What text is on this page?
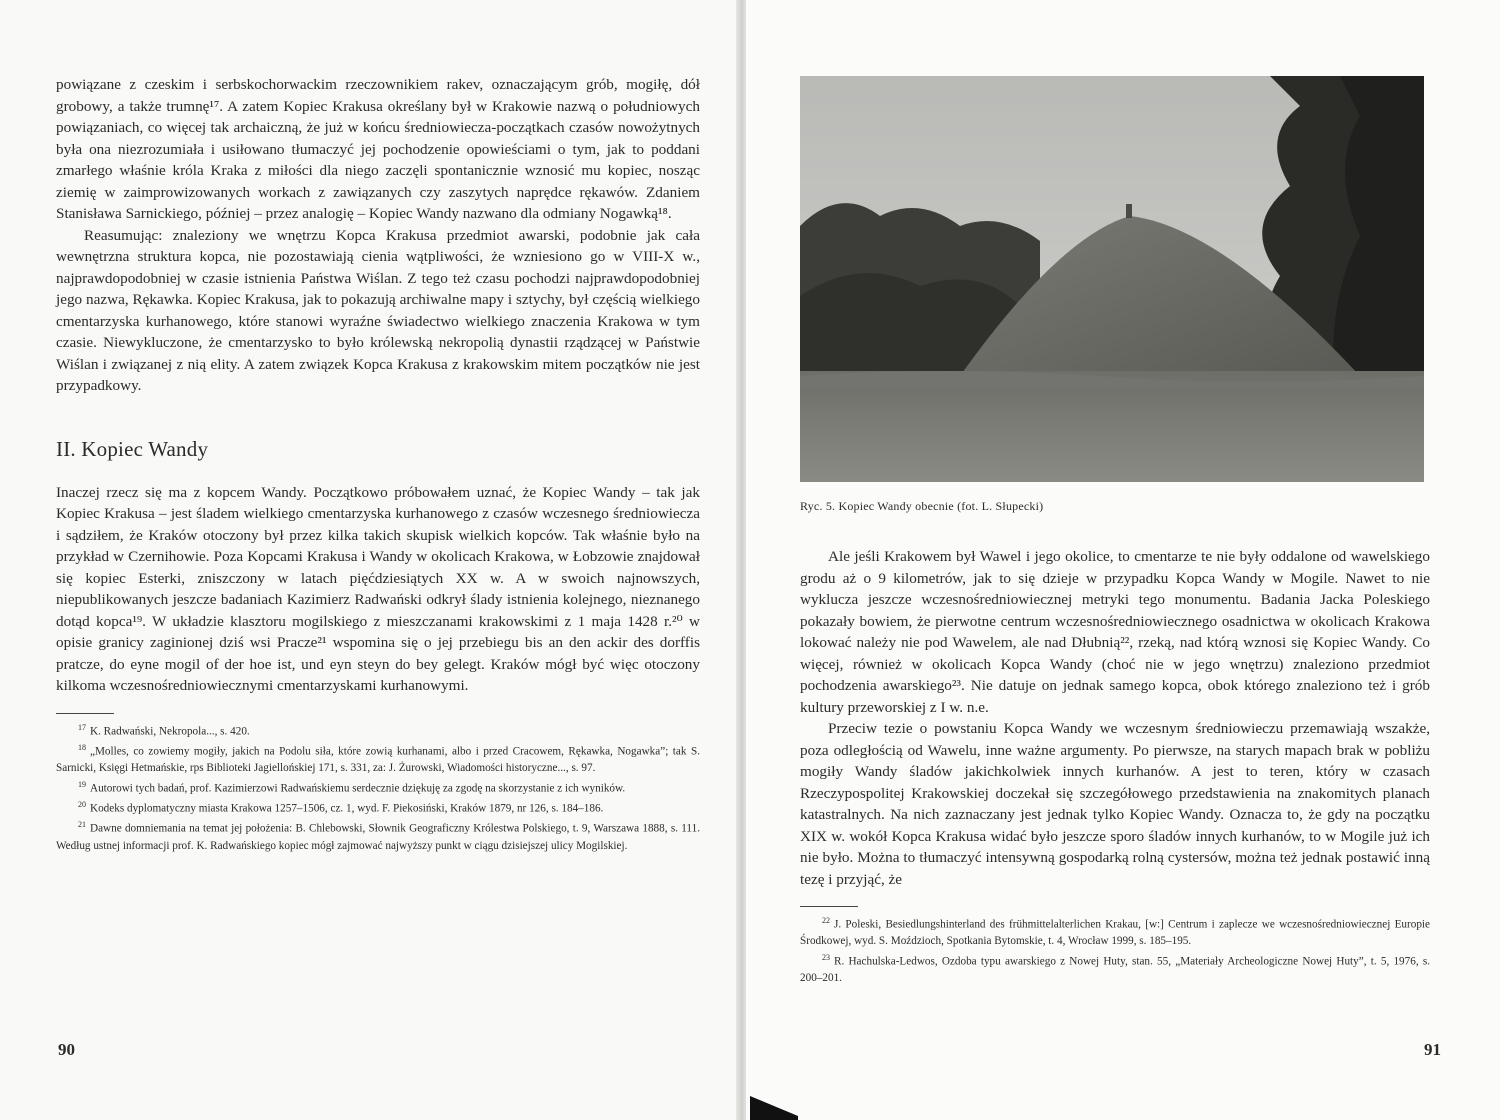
powiązane z czeskim i serbskochorwackim rzeczownikiem rakev, oznaczającym grób, mogiłę, dół grobowy, a także trumnę¹⁷. A zatem Kopiec Krakusa określany był w Krakowie nazwą o południowych powiązaniach, co więcej tak archaiczną, że już w końcu średniowiecza-początkach czasów nowożytnych była ona niezrozumiała i usiłowano tłumaczyć jej pochodzenie opowieściami o tym, jak to poddani zmarłego właśnie króla Kraka z miłości dla niego zaczęli spontanicznie wznosić mu kopiec, nosząc ziemię w zaimprowizowanych workach z zawiązanych czy zaszytych naprędce rękawów. Zdaniem Stanisława Sarnickiego, później – przez analogię – Kopiec Wandy nazwano dla odmiany Nogawką¹⁸.

Reasumując: znaleziony we wnętrzu Kopca Krakusa przedmiot awarski, podobnie jak cała wewnętrzna struktura kopca, nie pozostawiają cienia wątpliwości, że wzniesiono go w VIII-X w., najprawdopodobniej w czasie istnienia Państwa Wiślan. Z tego też czasu pochodzi najprawdopodobniej jego nazwa, Rękawka. Kopiec Krakusa, jak to pokazują archiwalne mapy i sztychy, był częścią wielkiego cmentarzyska kurhanowego, które stanowi wyraźne świadectwo wielkiego znaczenia Krakowa w tym czasie. Niewykluczone, że cmentarzysko to było królewską nekropolią dynastii rządzącej w Państwie Wiślan i związanej z nią elity. A zatem związek Kopca Krakusa z krakowskim mitem początków nie jest przypadkowy.

II. Kopiec Wandy

Inaczej rzecz się ma z kopcem Wandy. Początkowo próbowałem uznać, że Kopiec Wandy – tak jak Kopiec Krakusa – jest śladem wielkiego cmentarzyska kurhanowego z czasów wczesnego średniowiecza i sądziłem, że Kraków otoczony był przez kilka takich skupisk wielkich kopców. Tak właśnie było na przykład w Czernihowie. Poza Kopcami Krakusa i Wandy w okolicach Krakowa, w Łobzowie znajdował się kopiec Esterki, zniszczony w latach pięćdziesiątych XX w. A w swoich najnowszych, niepublikowanych jeszcze badaniach Kazimierz Radwański odkrył ślady istnienia kolejnego, nieznanego dotąd kopca¹⁹. W układzie klasztoru mogilskiego z mieszczanami krakowskimi z 1 maja 1428 r.²⁰ w opisie granicy zaginionej dziś wsi Pracze²¹ wspomina się o jej przebiegu bis an den ackir des dorffis pratcze, do eyne mogil of der hoe ist, und eyn steyn do bey gelegt. Kraków mógł być więc otoczony kilkoma wczesnośredniowiecznymi cmentarzyskami kurhanowymi.

$^{17}$ K. Radwański, Nekropola..., s. 420.

$^{18}$ „Molles, co zowiemy mogiły, jakich na Podolu siła, które zowią kurhanami, albo i przed Cracowem, Rękawka, Nogawka”; tak S. Sarnicki, Księgi Hetmańskie, rps Biblioteki Jagiellońskiej 171, s. 331, za: J. Żurowski, Wiadomości historyczne..., s. 97.

$^{19}$ Autorowi tych badań, prof. Kazimierzowi Radwańskiemu serdecznie dziękuję za zgodę na skorzystanie z ich wyników.

$^{20}$ Kodeks dyplomatyczny miasta Krakowa 1257–1506, cz. 1, wyd. F. Piekosiński, Kraków 1879, nr 126, s. 184–186.

$^{21}$ Dawne domniemania na temat jej położenia: B. Chlebowski, Słownik Geograficzny Królestwa Polskiego, t. 9, Warszawa 1888, s. 111. Według ustnej informacji prof. K. Radwańskiego kopiec mógł zajmować najwyższy punkt w ciągu dzisiejszej ulicy Mogilskiej.

90
Ryc. 5. Kopiec Wandy obecnie (fot. L. Słupecki)

Ale jeśli Krakowem był Wawel i jego okolice, to cmentarze te nie były oddalone od wawelskiego grodu aż o 9 kilometrów, jak to się dzieje w przypadku Kopca Wandy w Mogile. Nawet to nie wyklucza jeszcze wczesnośredniowiecznej metryki tego monumentu. Badania Jacka Poleskiego pokazały bowiem, że pierwotne centrum wczesnośredniowiecznego osadnictwa w okolicach Krakowa lokować należy nie pod Wawelem, ale nad Dłubnią²², rzeką, nad którą wznosi się Kopiec Wandy. Co więcej, również w okolicach Kopca Wandy (choć nie w jego wnętrzu) znaleziono przedmiot pochodzenia awarskiego²³. Nie datuje on jednak samego kopca, obok którego znaleziono też i grób kultury przeworskiej z I w. n.e.

Przeciw tezie o powstaniu Kopca Wandy we wczesnym średniowieczu przemawiają wszakże, poza odległością od Wawelu, inne ważne argumenty. Po pierwsze, na starych mapach brak w pobliżu mogiły Wandy śladów jakichkolwiek innych kurhanów. A jest to teren, który w czasach Rzeczypospolitej Krakowskiej doczekał się szczegółowego przedstawienia na znakomitych planach katastralnych. Na nich zaznaczany jest jednak tylko Kopiec Wandy. Oznacza to, że gdy na początku XIX w. wokół Kopca Krakusa widać było jeszcze sporo śladów innych kurhanów, to w Mogile już ich nie było. Można to tłumaczyć intensywną gospodarką rolną cystersów, można też jednak postawić inną tezę i przyjąć, że

$^{22}$ J. Poleski, Besiedlungshinterland des frühmittelalterlichen Krakau, [w:] Centrum i zaplecze we wczesnośredniowiecznej Europie Środkowej, wyd. S. Moździoch, Spotkania Bytomskie, t. 4, Wrocław 1999, s. 185–195.

$^{23}$ R. Hachulska-Ledwos, Ozdoba typu awarskiego z Nowej Huty, stan. 55, „Materiały Archeologiczne Nowej Huty”, t. 5, 1976, s. 200–201.

91
